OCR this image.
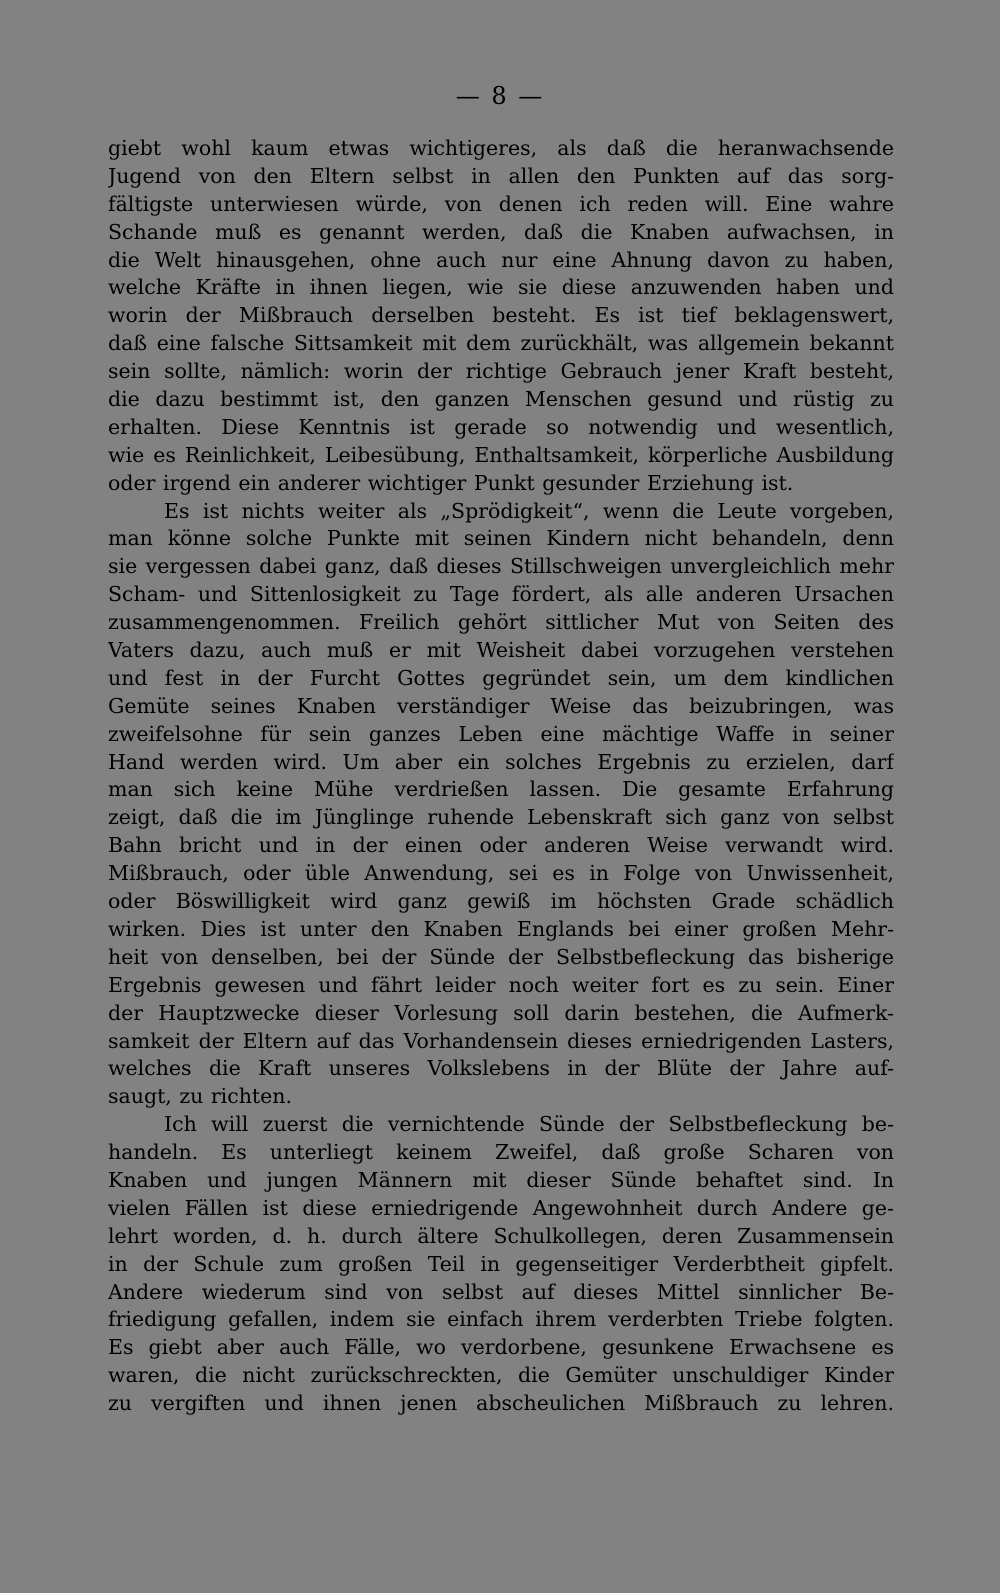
— 8 —
giebt wohl kaum etwas wichtigeres, als daß die heranwachsende
Jugend von den Eltern selbst in allen den Punkten auf das sorg-
fältigste unterwiesen würde, von denen ich reden will. Eine wahre
Schande muß es genannt werden, daß die Knaben aufwachsen, in
die Welt hinausgehen, ohne auch nur eine Ahnung davon zu haben,
welche Kräfte in ihnen liegen, wie sie diese anzuwenden haben und
worin der Mißbrauch derselben besteht. Es ist tief beklagenswert,
daß eine falsche Sittsamkeit mit dem zurückhält, was allgemein bekannt
sein sollte, nämlich: worin der richtige Gebrauch jener Kraft besteht,
die dazu bestimmt ist, den ganzen Menschen gesund und rüstig zu
erhalten. Diese Kenntnis ist gerade so notwendig und wesentlich,
wie es Reinlichkeit, Leibesübung, Enthaltsamkeit, körperliche Ausbildung
oder irgend ein anderer wichtiger Punkt gesunder Erziehung ist.
Es ist nichts weiter als „Sprödigkeit“, wenn die Leute vorgeben,
man könne solche Punkte mit seinen Kindern nicht behandeln, denn
sie vergessen dabei ganz, daß dieses Stillschweigen unvergleichlich mehr
Scham- und Sittenlosigkeit zu Tage fördert, als alle anderen Ursachen
zusammengenommen. Freilich gehört sittlicher Mut von Seiten des
Vaters dazu, auch muß er mit Weisheit dabei vorzugehen verstehen
und fest in der Furcht Gottes gegründet sein, um dem kindlichen
Gemüte seines Knaben verständiger Weise das beizubringen, was
zweifelsohne für sein ganzes Leben eine mächtige Waffe in seiner
Hand werden wird. Um aber ein solches Ergebnis zu erzielen, darf
man sich keine Mühe verdrießen lassen. Die gesamte Erfahrung
zeigt, daß die im Jünglinge ruhende Lebenskraft sich ganz von selbst
Bahn bricht und in der einen oder anderen Weise verwandt wird.
Mißbrauch, oder üble Anwendung, sei es in Folge von Unwissenheit,
oder Böswilligkeit wird ganz gewiß im höchsten Grade schädlich
wirken. Dies ist unter den Knaben Englands bei einer großen Mehr-
heit von denselben, bei der Sünde der Selbstbefleckung das bisherige
Ergebnis gewesen und fährt leider noch weiter fort es zu sein. Einer
der Hauptzwecke dieser Vorlesung soll darin bestehen, die Aufmerk-
samkeit der Eltern auf das Vorhandensein dieses erniedrigenden Lasters,
welches die Kraft unseres Volkslebens in der Blüte der Jahre auf-
saugt, zu richten.
Ich will zuerst die vernichtende Sünde der Selbstbefleckung be-
handeln. Es unterliegt keinem Zweifel, daß große Scharen von
Knaben und jungen Männern mit dieser Sünde behaftet sind. In
vielen Fällen ist diese erniedrigende Angewohnheit durch Andere ge-
lehrt worden, d. h. durch ältere Schulkollegen, deren Zusammensein
in der Schule zum großen Teil in gegenseitiger Verderbtheit gipfelt.
Andere wiederum sind von selbst auf dieses Mittel sinnlicher Be-
friedigung gefallen, indem sie einfach ihrem verderbten Triebe folgten.
Es giebt aber auch Fälle, wo verdorbene, gesunkene Erwachsene es
waren, die nicht zurückschreckten, die Gemüter unschuldiger Kinder
zu vergiften und ihnen jenen abscheulichen Mißbrauch zu lehren.
